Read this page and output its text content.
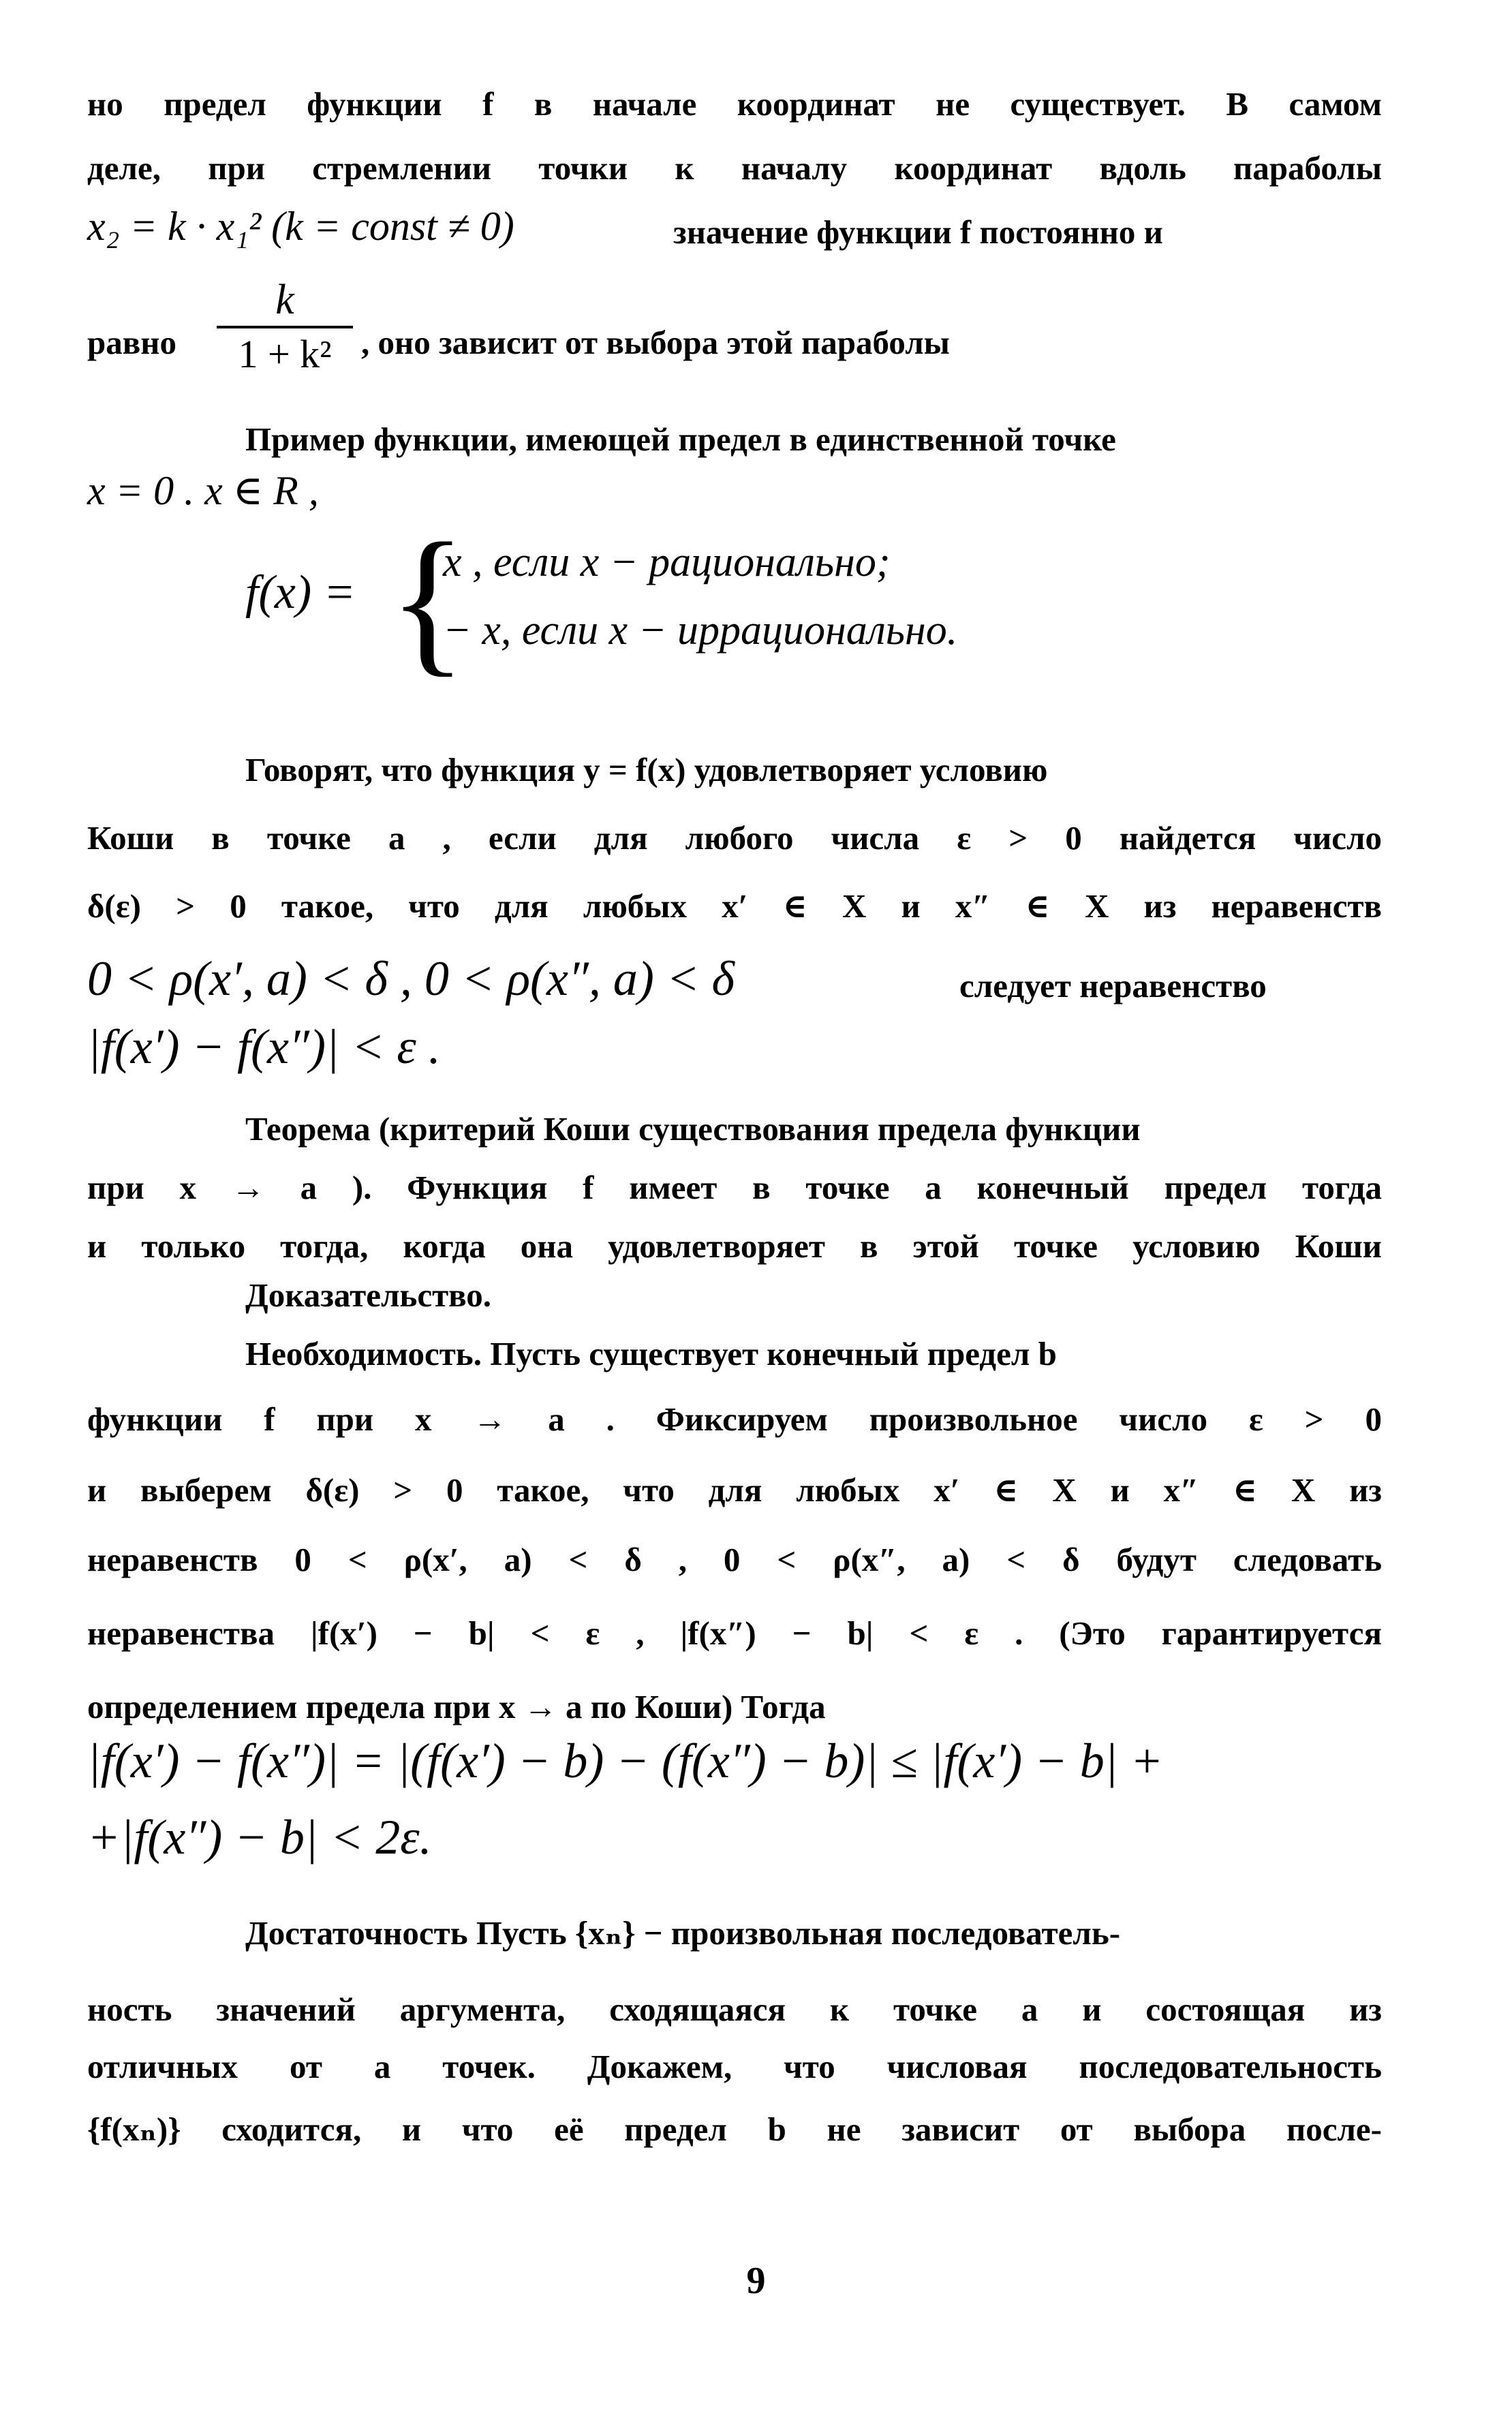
но предел функции f в начале координат не существует. В самом
деле, при стремлении точки к началу координат вдоль параболы
x₂ = k · x₁² (k = const ≠ 0)	значение функции f постоянно и
равно
k
1 + k² , оно зависит от выбора этой параболы
Пример функции, имеющей предел в единственной точке
x = 0 . x ∈ R ,
f(x) = {
x , если x − рационально;
− x, если x − иррационально.
Говорят, что функция y = f(x) удовлетворяет условию
Коши в точке a , если для любого числа ε > 0 найдется число
δ(ε) > 0 такое, что для любых x′ ∈ X и x″ ∈ X из неравенств
0 < ρ(x′, a) < δ , 0 < ρ(x″, a) < δ	следует неравенство
|f(x′) − f(x″)| < ε .
Теорема (критерий Коши существования предела функции
при x → a ). Функция f имеет в точке a конечный предел тогда
и только тогда, когда она удовлетворяет в этой точке условию Коши
Доказательство.
Необходимость. Пусть существует конечный предел b
функции f при x → a . Фиксируем произвольное число ε > 0
и выберем δ(ε) > 0 такое, что для любых x′ ∈ X и x″ ∈ X из
неравенств 0 < ρ(x′, a) < δ , 0 < ρ(x″, a) < δ будут следовать
неравенства |f(x′) − b| < ε , |f(x″) − b| < ε . (Это гарантируется
определением предела при x → a по Коши) Тогда
|f(x′) − f(x″)| = |(f(x′) − b) − (f(x″) − b)| ≤ |f(x′) − b| +
+|f(x″) − b| < 2ε.
Достаточность Пусть {xₙ} − произвольная последователь-
ность значений аргумента, сходящаяся к точке a и состоящая из
отличных от a точек. Докажем, что числовая последовательность
{f(xₙ)} сходится, и что её предел b не зависит от выбора после-
9
